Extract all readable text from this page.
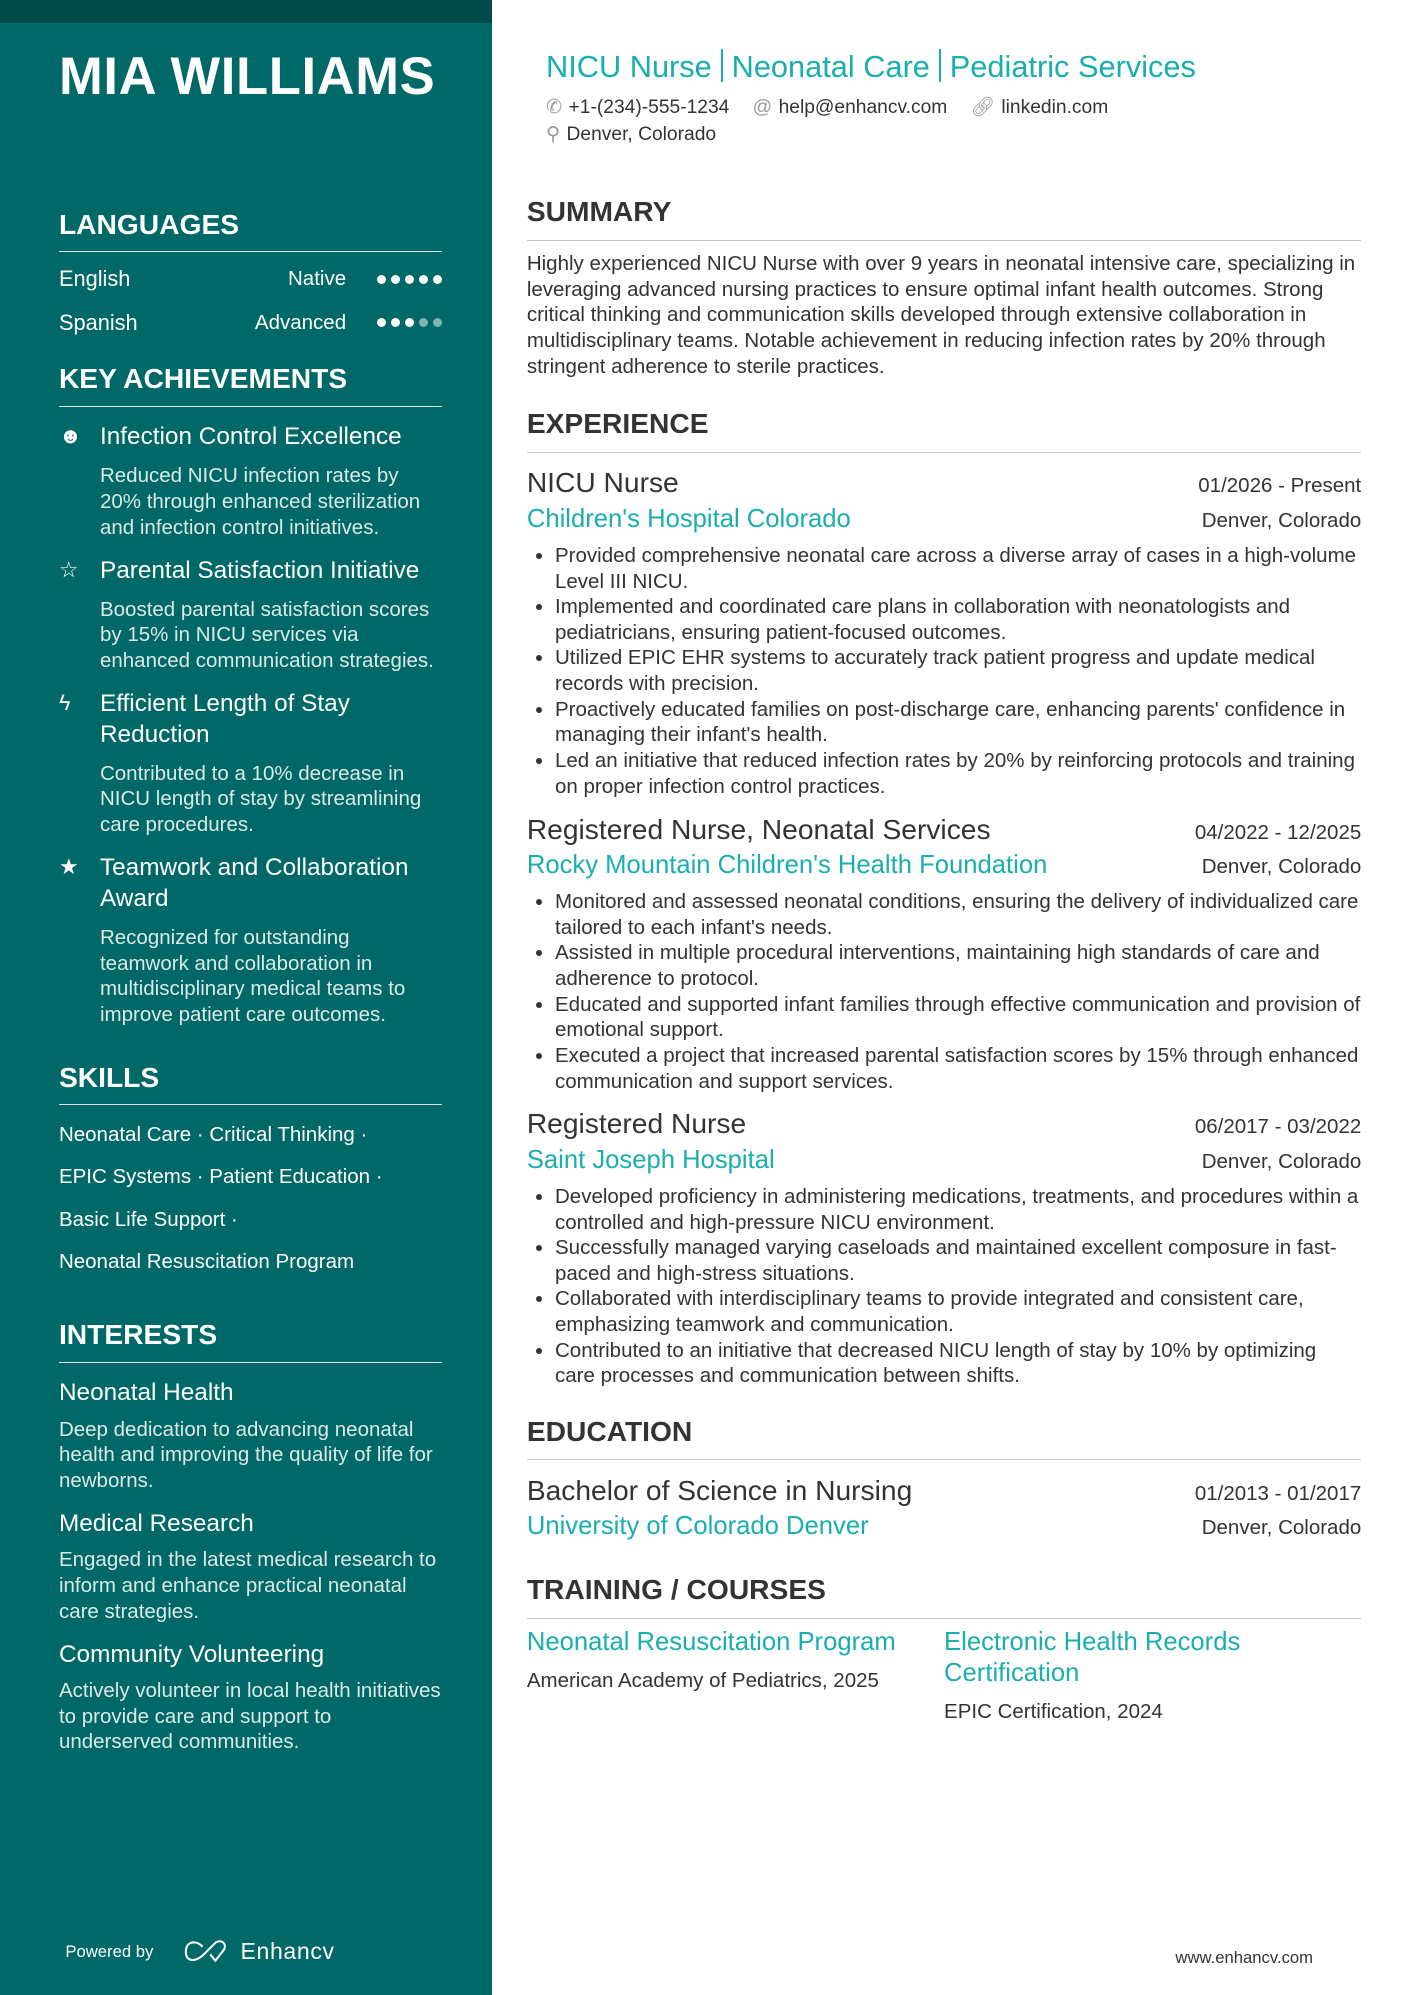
MIA WILLIAMS
LANGUAGES
English	Native
Spanish	Advanced
KEY ACHIEVEMENTS
☻ Infection Control Excellence
Reduced NICU infection rates by 20% through enhanced sterilization and infection control initiatives.
☆	Parental Satisfaction Initiative
Boosted parental satisfaction scores by 15% in NICU services via enhanced communication strategies.
ϟ	Efficient Length of Stay Reduction
Contributed to a 10% decrease in NICU length of stay by streamlining care procedures.
★	Teamwork and Collaboration Award
Recognized for outstanding teamwork and collaboration in multidisciplinary medical teams to improve patient care outcomes.
SKILLS
Neonatal Care · Critical Thinking ·
EPIC Systems · Patient Education ·
Basic Life Support ·
Neonatal Resuscitation Program
INTERESTS
Neonatal Health
Deep dedication to advancing neonatal health and improving the quality of life for newborns.
Medical Research
Engaged in the latest medical research to inform and enhance practical neonatal care strategies.
Community Volunteering
Actively volunteer in local health initiatives to provide care and support to underserved communities.
Powered by	Enhancv
NICU Nurse Neonatal Care Pediatric Services
✆ +1-(234)-555-1234 @ help@enhancv.com 🔗︎ linkedin.com
⚲ Denver, Colorado
SUMMARY
Highly experienced NICU Nurse with over 9 years in neonatal intensive care, specializing in leveraging advanced nursing practices to ensure optimal infant health outcomes. Strong critical thinking and communication skills developed through extensive collaboration in multidisciplinary teams. Notable achievement in reducing infection rates by 20% through stringent adherence to sterile practices.
EXPERIENCE
NICU Nurse	01/2026 - Present
Children's Hospital Colorado	Denver, Colorado
• Provided comprehensive neonatal care across a diverse array of cases in a high-volume Level III NICU.
• Implemented and coordinated care plans in collaboration with neonatologists and pediatricians, ensuring patient-focused outcomes.
• Utilized EPIC EHR systems to accurately track patient progress and update medical records with precision.
• Proactively educated families on post-discharge care, enhancing parents' confidence in managing their infant's health.
• Led an initiative that reduced infection rates by 20% by reinforcing protocols and training on proper infection control practices.
Registered Nurse, Neonatal Services	04/2022 - 12/2025
Rocky Mountain Children's Health Foundation	Denver, Colorado
• Monitored and assessed neonatal conditions, ensuring the delivery of individualized care tailored to each infant's needs.
• Assisted in multiple procedural interventions, maintaining high standards of care and adherence to protocol.
• Educated and supported infant families through effective communication and provision of emotional support.
• Executed a project that increased parental satisfaction scores by 15% through enhanced communication and support services.
Registered Nurse	06/2017 - 03/2022
Saint Joseph Hospital	Denver, Colorado
• Developed proficiency in administering medications, treatments, and procedures within a controlled and high-pressure NICU environment.
• Successfully managed varying caseloads and maintained excellent composure in fast-paced and high-stress situations.
• Collaborated with interdisciplinary teams to provide integrated and consistent care, emphasizing teamwork and communication.
• Contributed to an initiative that decreased NICU length of stay by 10% by optimizing care processes and communication between shifts.
EDUCATION
Bachelor of Science in Nursing	01/2013 - 01/2017
University of Colorado Denver	Denver, Colorado
TRAINING / COURSES
Neonatal Resuscitation Program
American Academy of Pediatrics, 2025
Electronic Health Records Certification
EPIC Certification, 2024
www.enhancv.com
